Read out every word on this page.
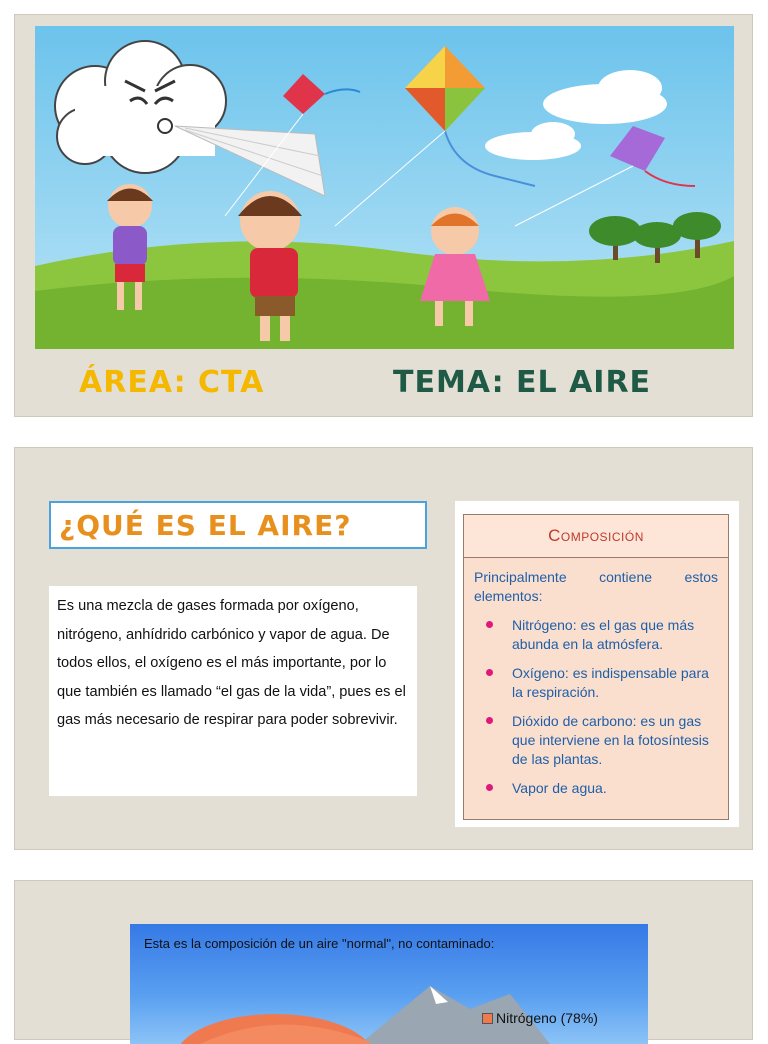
ÁREA: CTA	TEMA: EL AIRE
¿QUÉ ES EL AIRE?

Es una mezcla de gases formada por oxígeno, nitrógeno, anhídrido carbónico y vapor de agua. De todos ellos, el oxígeno es el más importante, por lo que también es llamado “el gas de la vida”, pues es el gas más necesario de respirar para poder sobrevivir.

Composición
Principalmente contiene estos elementos:
Nitrógeno: es el gas que más abunda en la atmósfera.
Oxígeno: es indispensable para la respiración.
Dióxido de carbono: es un gas que interviene en la fotosíntesis de las plantas.
Vapor de agua.
Esta es la composición de un aire "normal", no contaminado:
Nitrógeno (78%)
